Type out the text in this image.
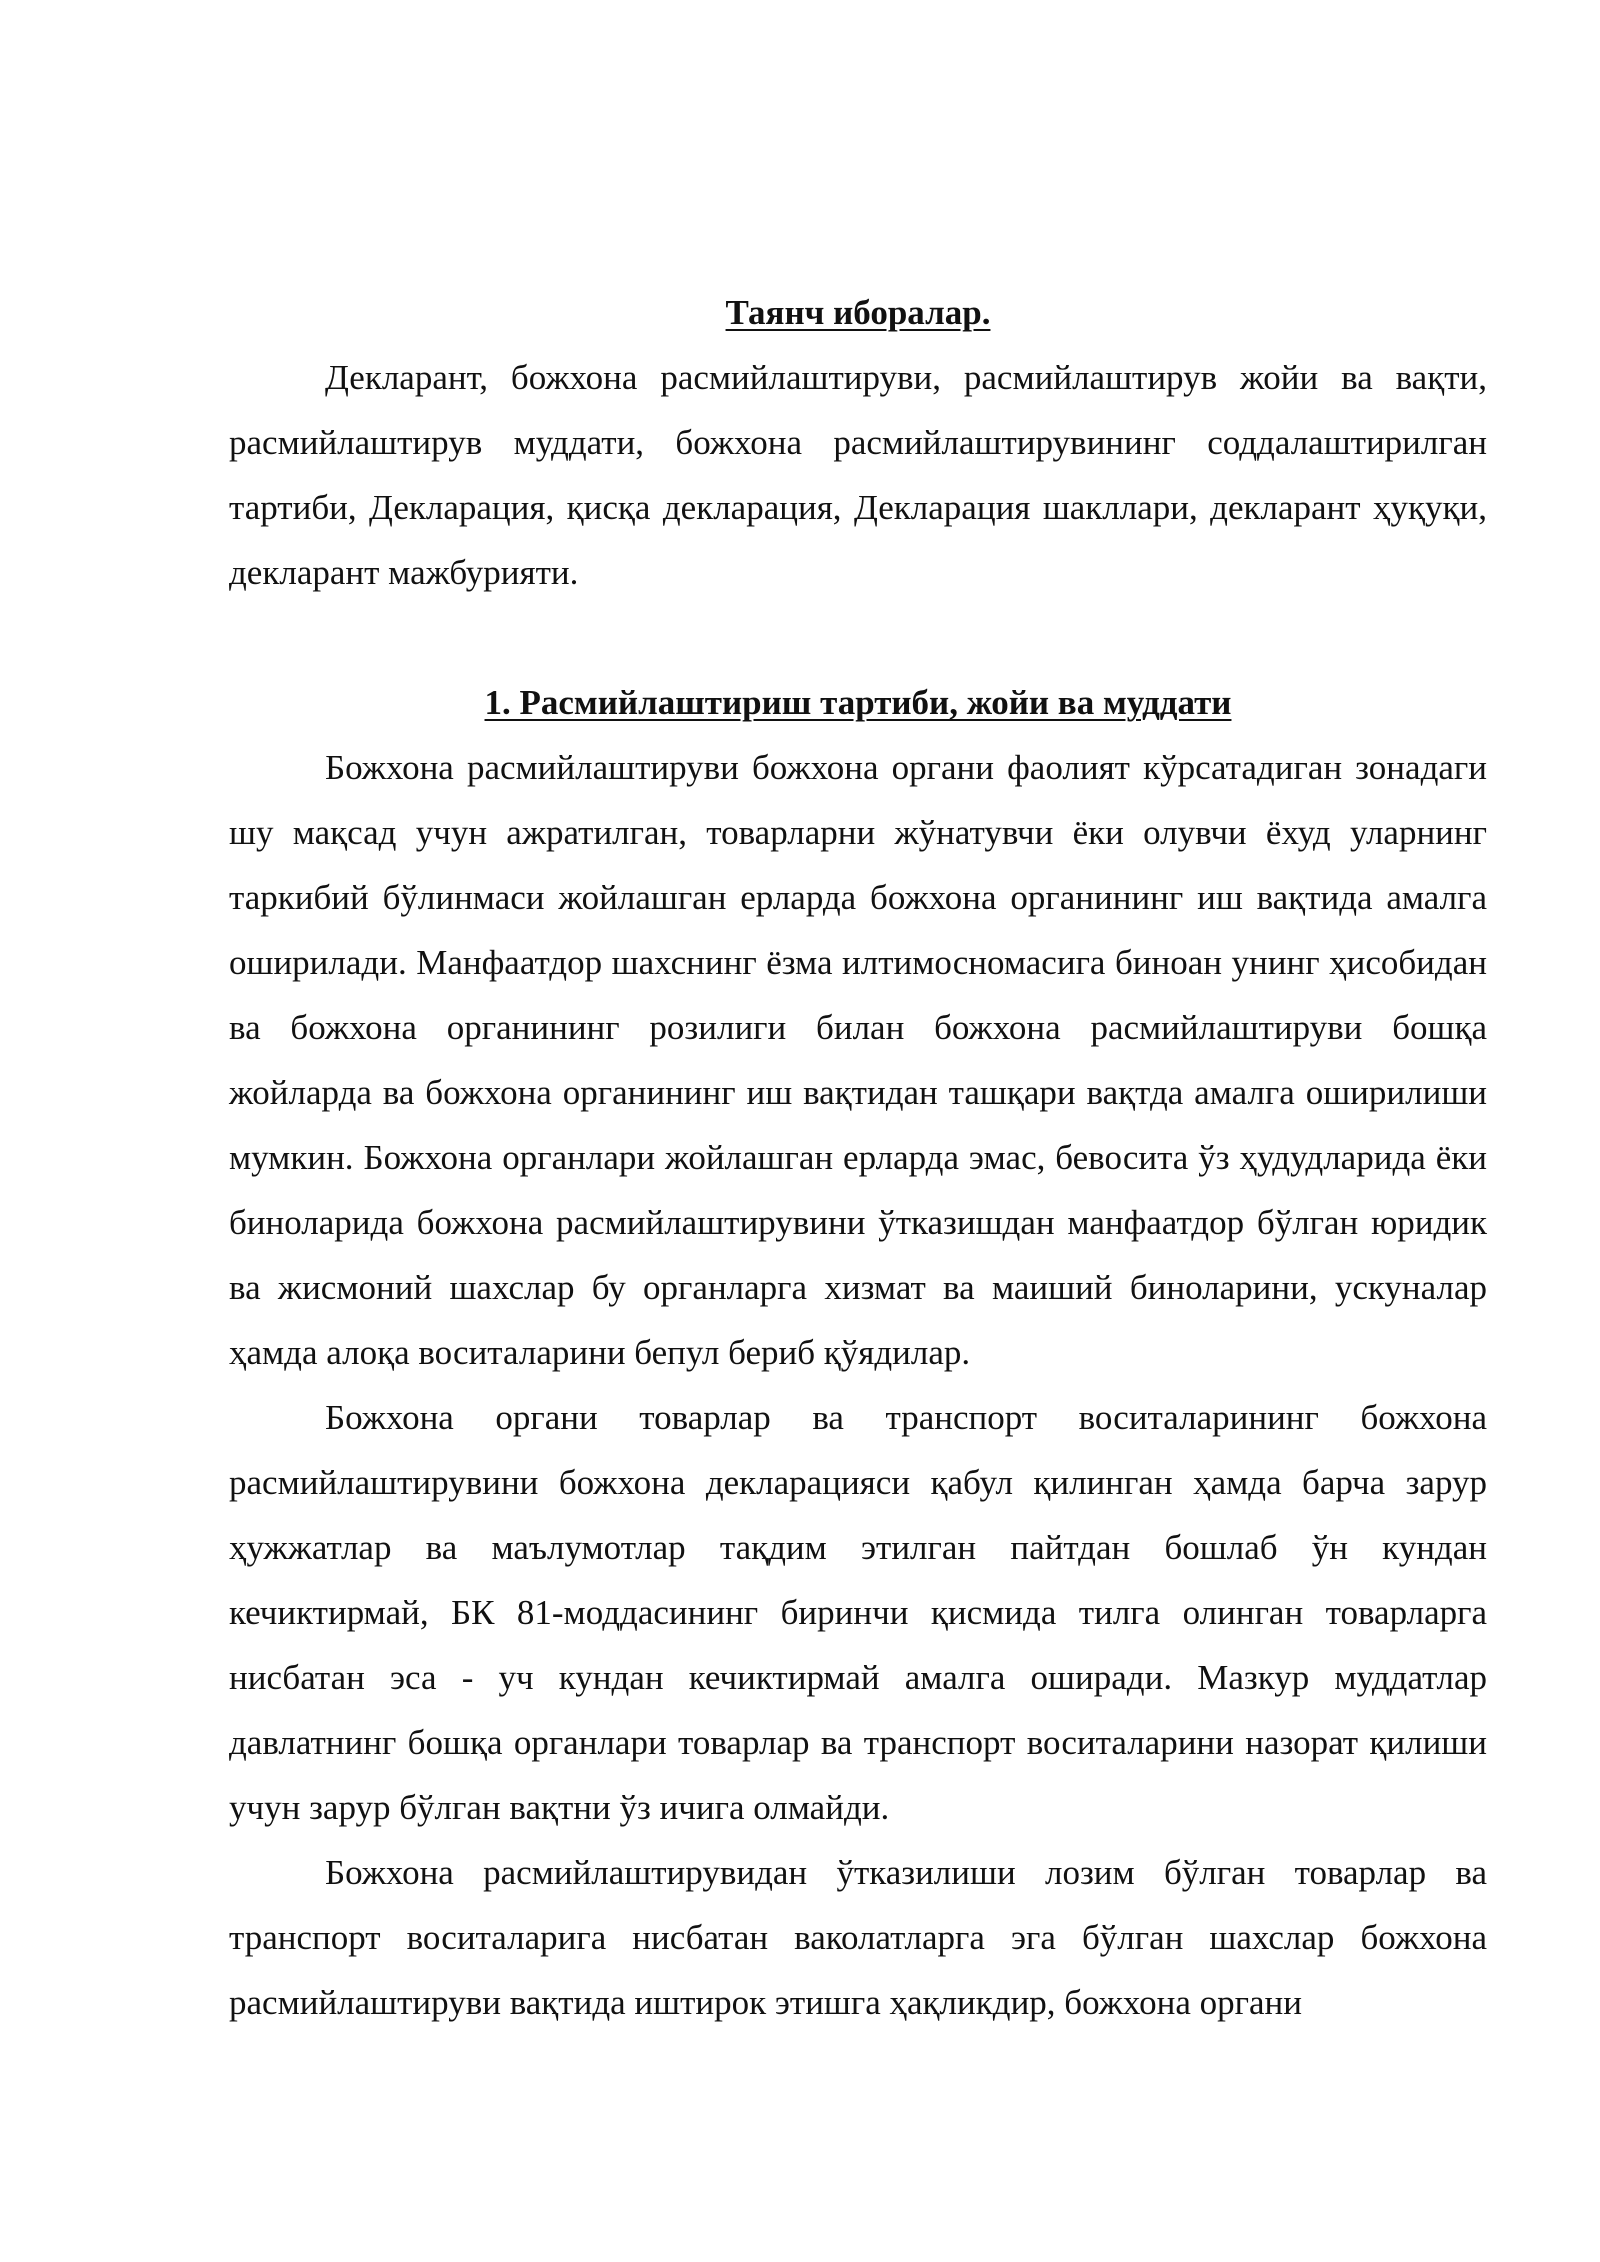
Таянч иборалар.

Декларант, божхона расмийлаштируви, расмийлаштирув жойи ва вақти, расмийлаштирув муддати, божхона расмийлаштирувининг соддалаштирилган тартиби, Декларация, қисқа декларация, Декларация шакллари, декларант ҳуқуқи, декларант мажбурияти.

1. Расмийлаштириш тартиби, жойи ва муддати

Божхона расмийлаштируви божхона органи фаолият кўрсатадиган зонадаги шу мақсад учун ажратилган, товарларни жўнатувчи ёки олувчи ёхуд уларнинг таркибий бўлинмаси жойлашган ерларда божхона органининг иш вақтида амалга оширилади. Манфаатдор шахснинг ёзма илтимосномасига биноан унинг ҳисобидан ва божхона органининг розилиги билан божхона расмийлаштируви бошқа жойларда ва божхона органининг иш вақтидан ташқари вақтда амалга оширилиши мумкин. Божхона органлари жойлашган ерларда эмас, бевосита ўз ҳудудларида ёки биноларида божхона расмийлаштирувини ўтказишдан манфаатдор бўлган юридик ва жисмоний шахслар бу органларга хизмат ва маиший биноларини, ускуналар ҳамда алоқа воситаларини бепул бериб қўядилар.

Божхона органи товарлар ва транспорт воситаларининг божхона расмийлаштирувини божхона декларацияси қабул қилинган ҳамда барча зарур ҳужжатлар ва маълумотлар тақдим этилган пайтдан бошлаб ўн кундан кечиктирмай, БК 81-моддасининг биринчи қисмида тилга олинган товарларга нисбатан эса - уч кундан кечиктирмай амалга оширади. Мазкур муддатлар давлатнинг бошқа органлари товарлар ва транспорт воситаларини назорат қилиши учун зарур бўлган вақтни ўз ичига олмайди.

Божхона расмийлаштирувидан ўтказилиши лозим бўлган товарлар ва транспорт воситаларига нисбатан ваколатларга эга бўлган шахслар божхона расмийлаштируви вақтида иштирок этишга ҳақликдир, божхона органи
